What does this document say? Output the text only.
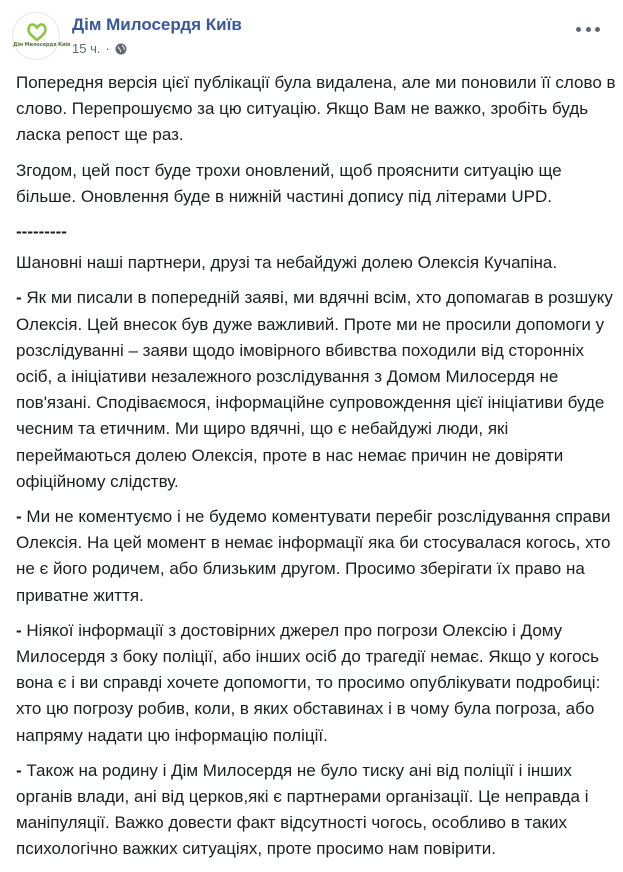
Дім Милосердя Київ
Дім Милосердя Київ
15 ч. ·

Попередня версія цієї публікації була видалена, але ми поновили її слово в слово. Перепрошуємо за цю ситуацію. Якщо Вам не важко, зробіть будь ласка репост ще раз.

Згодом, цей пост буде трохи оновлений, щоб прояснити ситуацію ще більше. Оновлення буде в нижній частині допису під літерами UPD.

---------

Шановні наші партнери, друзі та небайдужі долею Олексія Кучапіна.

- Як ми писали в попередній заяві, ми вдячні всім, хто допомагав в розшуку Олексія. Цей внесок був дуже важливий. Проте ми не просили допомоги у розслідуванні – заяви щодо імовірного вбивства походили від сторонніх осіб, а ініціативи незалежного розслідування з Домом Милосердя не пов'язані. Сподіваємося, інформаційне супровождення цієї ініціативи буде чесним та етичним. Ми щиро вдячні, що є небайдужі люди, які переймаються долею Олексія, проте в нас немає причин не довіряти офіційному слідству.

- Ми не коментуємо і не будемо коментувати перебіг розслідування справи Олексія. На цей момент в немає інформації яка би стосувалася когось, хто не є його родичем, або близьким другом. Просимо зберігати їх право на приватне життя.

- Ніякої інформації з достовірних джерел про погрози Олексію і Дому Милосердя з боку поліції, або інших осіб до трагедії немає. Якщо у когось вона є і ви справді хочете допомогти, то просимо опублікувати подробиці: хто цю погрозу робив, коли, в яких обставинах і в чому була погроза, або напряму надати цю інформацію поліції.

- Також на родину і Дім Милосердя не було тиску ані від поліції і інших органів влади, ані від церков,які є партнерами організації. Це неправда і маніпуляції. Важко довести факт відсутності чогось, особливо в таких психологічно важких ситуаціях, проте просимо нам повірити.
